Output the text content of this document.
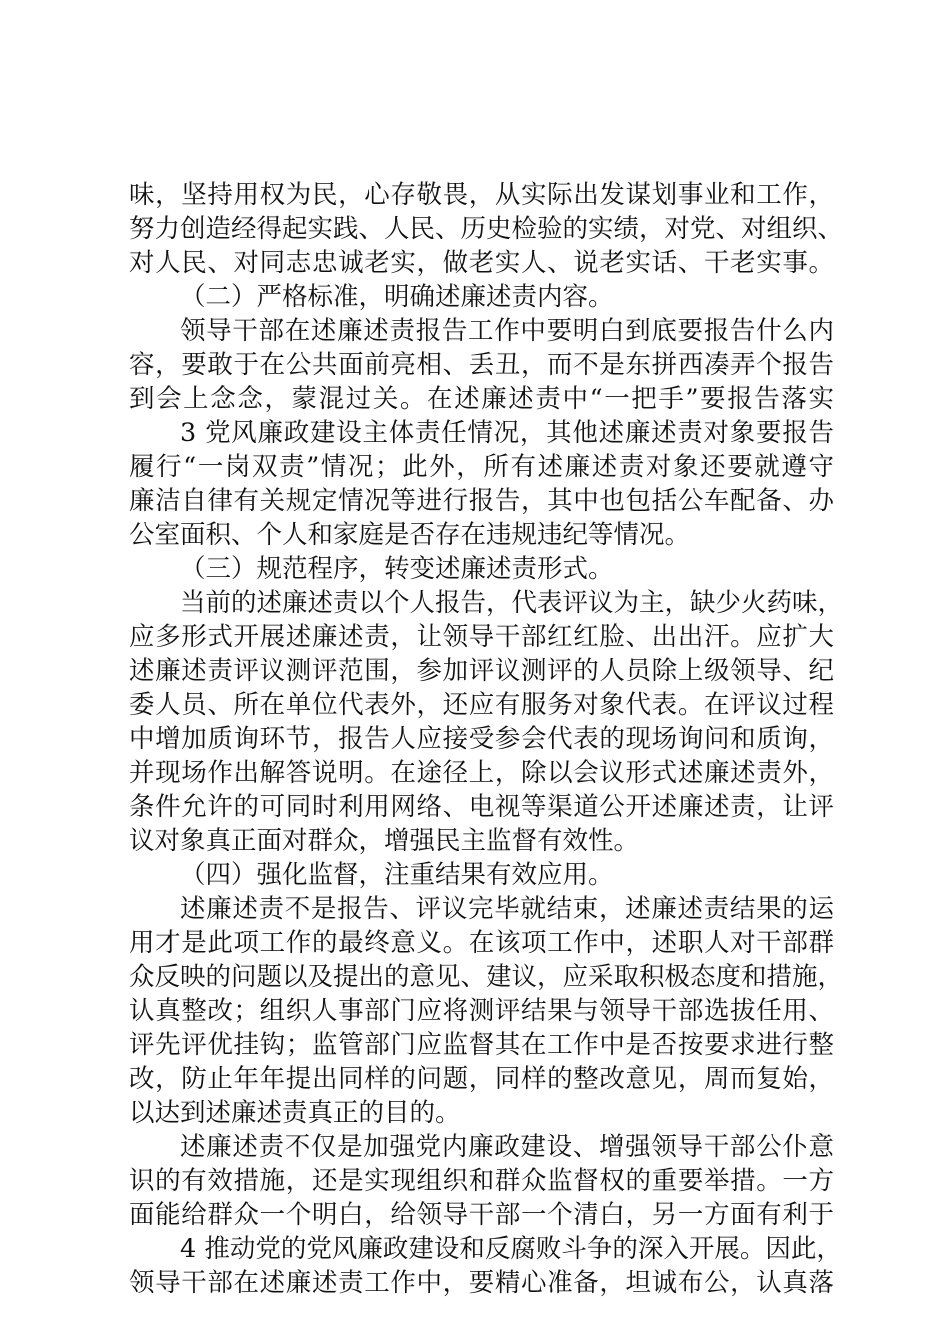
味，坚持用权为民，心存敬畏，从实际出发谋划事业和工作，
努力创造经得起实践、人民、历史检验的实绩，对党、对组织、
对人民、对同志忠诚老实，做老实人、说老实话、干老实事。
（二）严格标准，明确述廉述责内容。
领导干部在述廉述责报告工作中要明白到底要报告什么内
容，要敢于在公共面前亮相、丢丑，而不是东拼西凑弄个报告
到会上念念，蒙混过关。在述廉述责中“一把手”要报告落实
3 党风廉政建设主体责任情况，其他述廉述责对象要报告
履行“一岗双责”情况；此外，所有述廉述责对象还要就遵守
廉洁自律有关规定情况等进行报告，其中也包括公车配备、办
公室面积、个人和家庭是否存在违规违纪等情况。
（三）规范程序，转变述廉述责形式。
当前的述廉述责以个人报告，代表评议为主，缺少火药味，
应多形式开展述廉述责，让领导干部红红脸、出出汗。应扩大
述廉述责评议测评范围，参加评议测评的人员除上级领导、纪
委人员、所在单位代表外，还应有服务对象代表。在评议过程
中增加质询环节，报告人应接受参会代表的现场询问和质询，
并现场作出解答说明。在途径上，除以会议形式述廉述责外，
条件允许的可同时利用网络、电视等渠道公开述廉述责，让评
议对象真正面对群众，增强民主监督有效性。
（四）强化监督，注重结果有效应用。
述廉述责不是报告、评议完毕就结束，述廉述责结果的运
用才是此项工作的最终意义。在该项工作中，述职人对干部群
众反映的问题以及提出的意见、建议，应采取积极态度和措施，
认真整改；组织人事部门应将测评结果与领导干部选拔任用、
评先评优挂钩；监管部门应监督其在工作中是否按要求进行整
改，防止年年提出同样的问题，同样的整改意见，周而复始，
以达到述廉述责真正的目的。
述廉述责不仅是加强党内廉政建设、增强领导干部公仆意
识的有效措施，还是实现组织和群众监督权的重要举措。一方
面能给群众一个明白，给领导干部一个清白，另一方面有利于
4 推动党的党风廉政建设和反腐败斗争的深入开展。因此，
领导干部在述廉述责工作中，要精心准备，坦诚布公，认真落
